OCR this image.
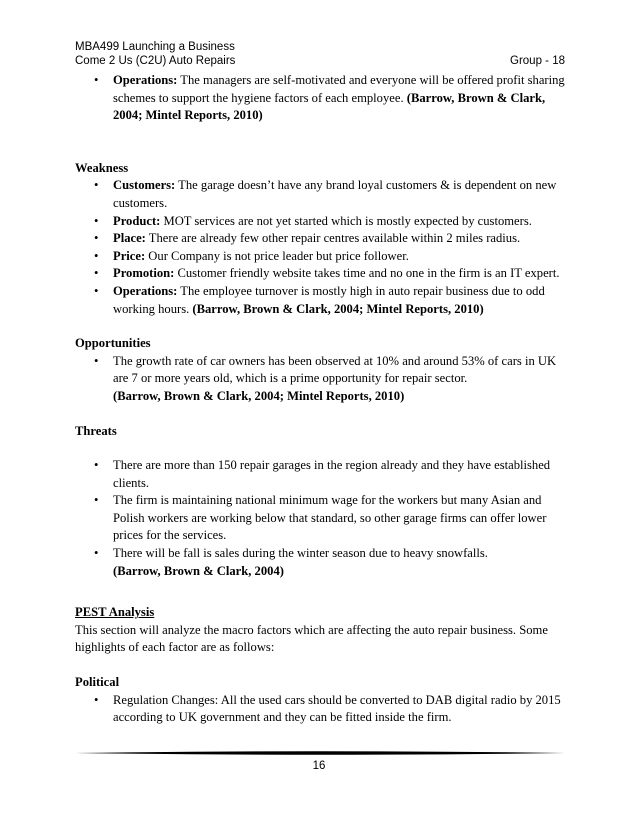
MBA499 Launching a Business
Come 2 Us (C2U) Auto Repairs	Group - 18
• Operations: The managers are self-motivated and everyone will be offered profit sharing schemes to support the hygiene factors of each employee. (Barrow, Brown & Clark, 2004; Mintel Reports, 2010)

Weakness

• Customers: The garage doesn’t have any brand loyal customers & is dependent on new customers.
• Product: MOT services are not yet started which is mostly expected by customers.
• Place: There are already few other repair centres available within 2 miles radius.
• Price: Our Company is not price leader but price follower.
• Promotion: Customer friendly website takes time and no one in the firm is an IT expert.
• Operations: The employee turnover is mostly high in auto repair business due to odd working hours. (Barrow, Brown & Clark, 2004; Mintel Reports, 2010)

Opportunities

• The growth rate of car owners has been observed at 10% and around 53% of cars in UK are 7 or more years old, which is a prime opportunity for repair sector.

(Barrow, Brown & Clark, 2004; Mintel Reports, 2010)

Threats

• There are more than 150 repair garages in the region already and they have established clients.
• The firm is maintaining national minimum wage for the workers but many Asian and Polish workers are working below that standard, so other garage firms can offer lower prices for the services.
• There will be fall is sales during the winter season due to heavy snowfalls.

(Barrow, Brown & Clark, 2004)

PEST Analysis

This section will analyze the macro factors which are affecting the auto repair business. Some highlights of each factor are as follows:

Political

• Regulation Changes: All the used cars should be converted to DAB digital radio by 2015 according to UK government and they can be fitted inside the firm.
16
